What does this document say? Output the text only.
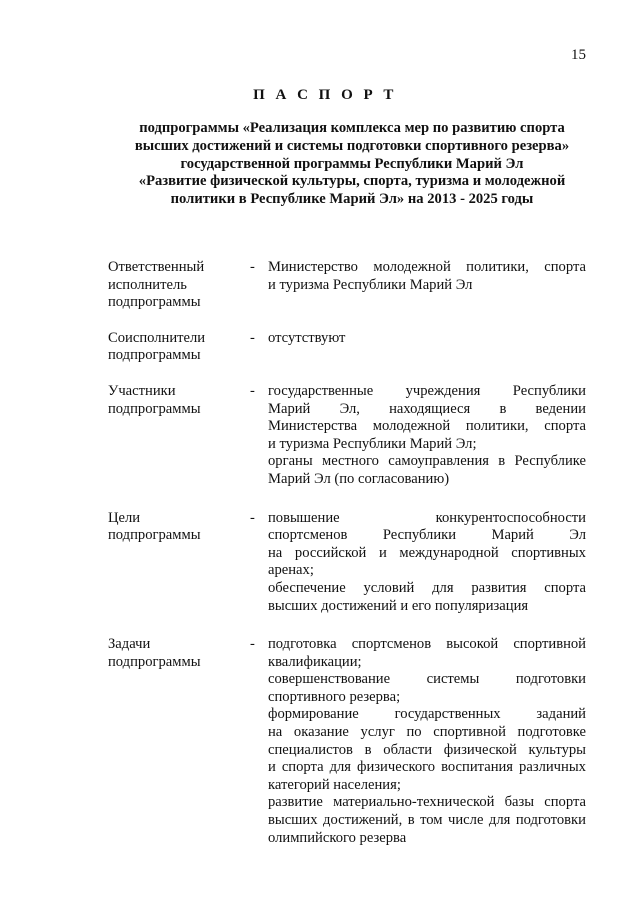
15
П А С П О Р Т
подпрограммы «Реализация комплекса мер по развитию спорта
высших достижений и системы подготовки спортивного резерва»
государственной программы Республики Марий Эл
«Развитие физической культуры, спорта, туризма и молодежной
политики в Республике Марий Эл» на 2013 - 2025 годы
Ответственный
исполнитель
подпрограммы
- Министерство молодежной политики, спорта
и туризма Республики Марий Эл
Соисполнители
подпрограммы
- отсутствуют
Участники
подпрограммы
- государственные учреждения Республики
Марий Эл, находящиеся в ведении
Министерства молодежной политики, спорта
и туризма Республики Марий Эл;
органы местного самоуправления в Республике
Марий Эл (по согласованию)
Цели
подпрограммы
- повышение	конкурентоспособности
спортсменов Республики Марий Эл
на российской и международной спортивных
аренах;
обеспечение условий для развития спорта
высших достижений и его популяризация
Задачи
подпрограммы
- подготовка спортсменов высокой спортивной
квалификации;
совершенствование	системы	подготовки
спортивного резерва;
формирование государственных заданий
на оказание услуг по спортивной подготовке
специалистов в области физической культуры
и спорта для физического воспитания различных
категорий населения;
развитие материально-технической базы спорта
высших достижений, в том числе для подготовки
олимпийского резерва
